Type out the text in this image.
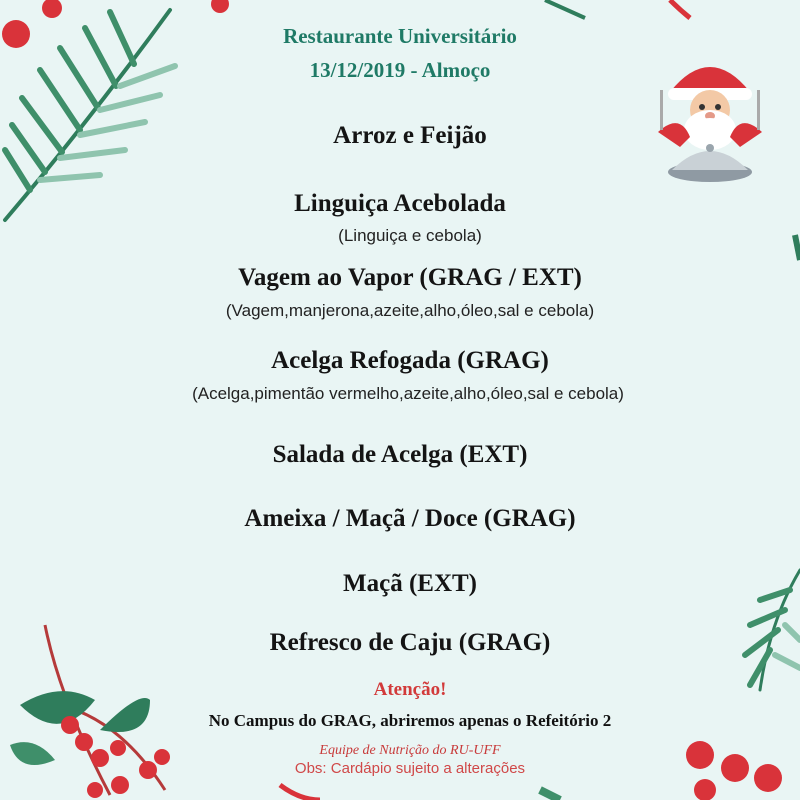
Restaurante Universitário
13/12/2019 - Almoço
Arroz e Feijão
Linguiça Acebolada
(Linguiça e cebola)
Vagem ao Vapor (GRAG / EXT)
(Vagem,manjerona,azeite,alho,óleo,sal e cebola)
Acelga Refogada (GRAG)
(Acelga,pimentão vermelho,azeite,alho,óleo,sal e cebola)
Salada de Acelga (EXT)
Ameixa / Maçã / Doce (GRAG)
Maçã (EXT)
Refresco de Caju (GRAG)
Atenção!
No Campus do GRAG, abriremos apenas o Refeitório 2
Equipe de Nutrição do RU-UFF
Obs: Cardápio sujeito a alterações
